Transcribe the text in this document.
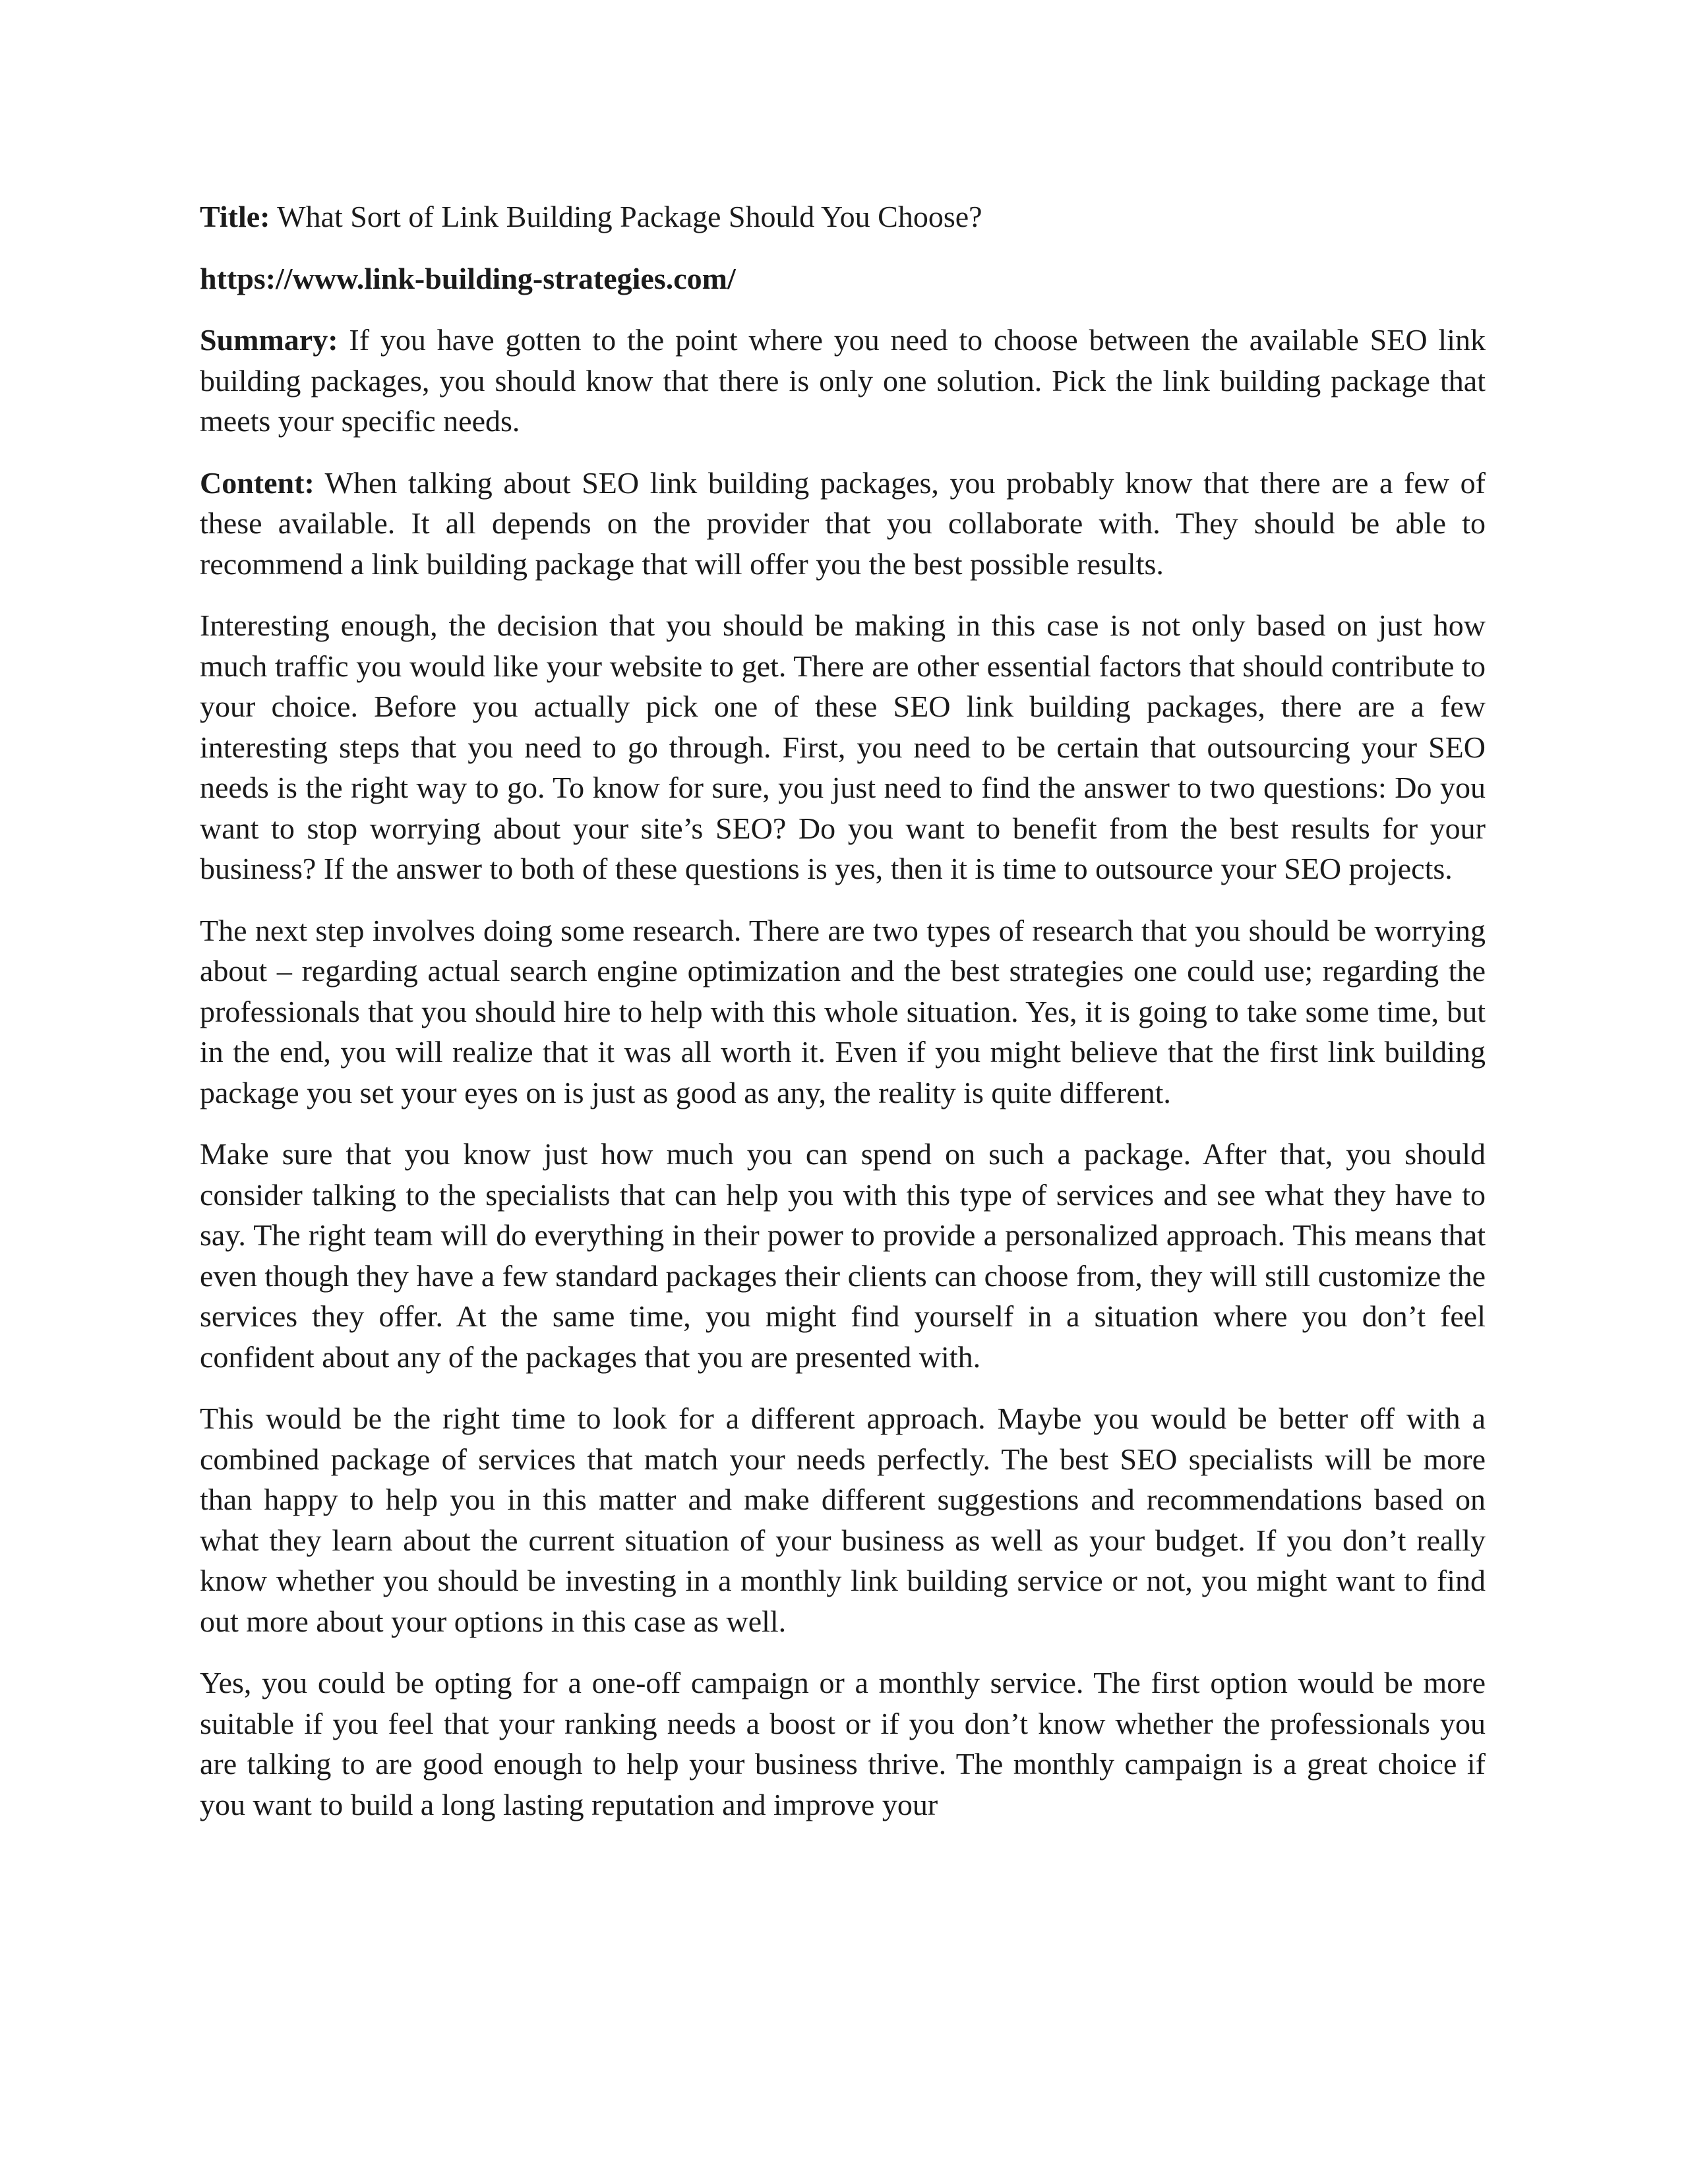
Title: What Sort of Link Building Package Should You Choose?

https://www.link-building-strategies.com/

Summary: If you have gotten to the point where you need to choose between the available SEO link building packages, you should know that there is only one solution. Pick the link building package that meets your specific needs.

Content: When talking about SEO link building packages, you probably know that there are a few of these available. It all depends on the provider that you collaborate with. They should be able to recommend a link building package that will offer you the best possible results.

Interesting enough, the decision that you should be making in this case is not only based on just how much traffic you would like your website to get. There are other essential factors that should contribute to your choice. Before you actually pick one of these SEO link building packages, there are a few interesting steps that you need to go through. First, you need to be certain that outsourcing your SEO needs is the right way to go. To know for sure, you just need to find the answer to two questions: Do you want to stop worrying about your site’s SEO? Do you want to benefit from the best results for your business? If the answer to both of these questions is yes, then it is time to outsource your SEO projects.

The next step involves doing some research. There are two types of research that you should be worrying about – regarding actual search engine optimization and the best strategies one could use; regarding the professionals that you should hire to help with this whole situation. Yes, it is going to take some time, but in the end, you will realize that it was all worth it. Even if you might believe that the first link building package you set your eyes on is just as good as any, the reality is quite different.

Make sure that you know just how much you can spend on such a package. After that, you should consider talking to the specialists that can help you with this type of services and see what they have to say. The right team will do everything in their power to provide a personalized approach. This means that even though they have a few standard packages their clients can choose from, they will still customize the services they offer. At the same time, you might find yourself in a situation where you don’t feel confident about any of the packages that you are presented with.

This would be the right time to look for a different approach. Maybe you would be better off with a combined package of services that match your needs perfectly. The best SEO specialists will be more than happy to help you in this matter and make different suggestions and recommendations based on what they learn about the current situation of your business as well as your budget. If you don’t really know whether you should be investing in a monthly link building service or not, you might want to find out more about your options in this case as well.

Yes, you could be opting for a one-off campaign or a monthly service. The first option would be more suitable if you feel that your ranking needs a boost or if you don’t know whether the professionals you are talking to are good enough to help your business thrive. The monthly campaign is a great choice if you want to build a long lasting reputation and improve your
